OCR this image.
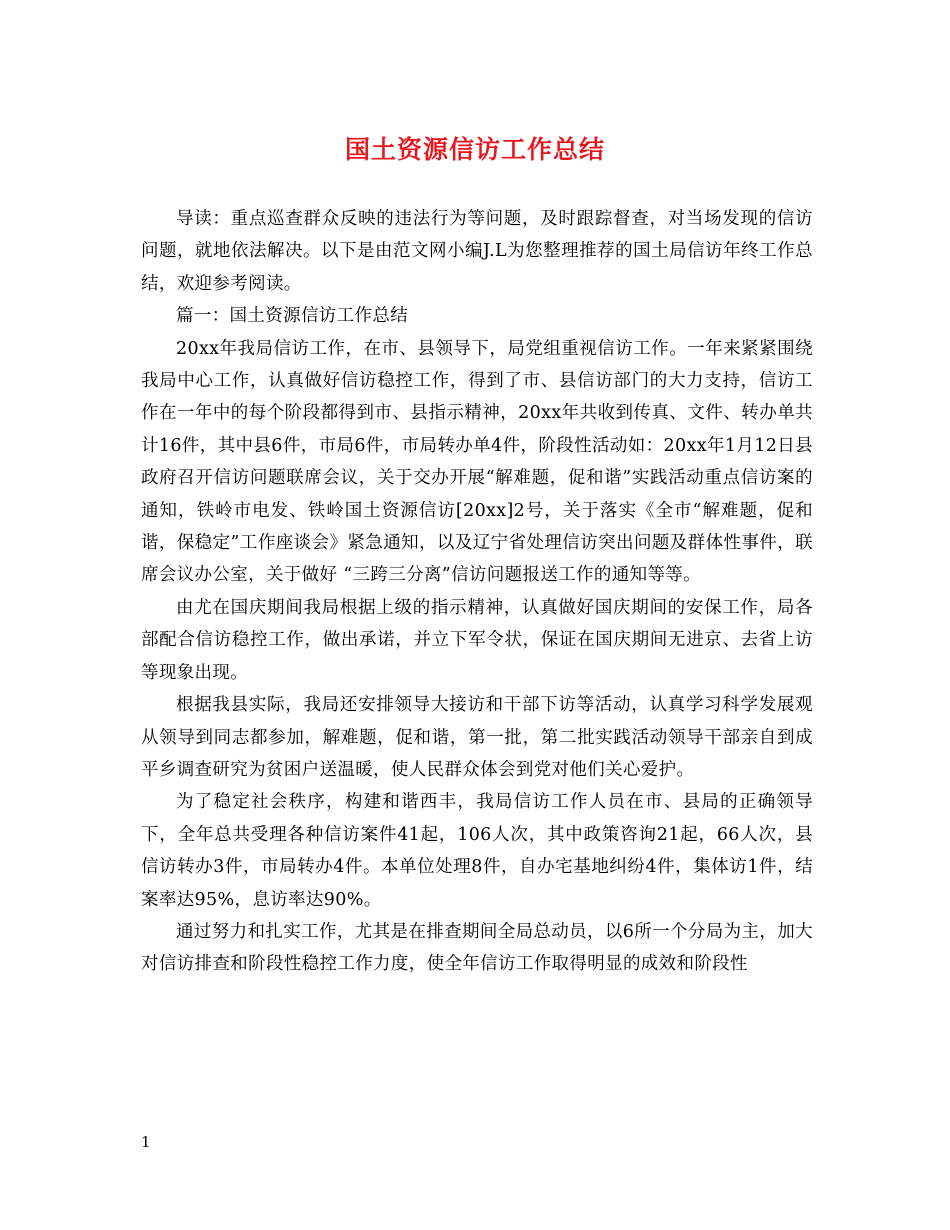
国土资源信访工作总结

导读：重点巡查群众反映的违法行为等问题，及时跟踪督查，对当场发现的信访问题，就地依法解决。以下是由范文网小编J.L为您整理推荐的国土局信访年终工作总结，欢迎参考阅读。

篇一：国土资源信访工作总结

20xx年我局信访工作，在市、县领导下，局党组重视信访工作。一年来紧紧围绕我局中心工作，认真做好信访稳控工作，得到了市、县信访部门的大力支持，信访工作在一年中的每个阶段都得到市、县指示精神，20xx年共收到传真、文件、转办单共计16件，其中县6件，市局6件，市局转办单4件，阶段性活动如：20xx年1月12日县政府召开信访问题联席会议，关于交办开展“解难题，促和谐”实践活动重点信访案的通知，铁岭市电发、铁岭国土资源信访[20xx]2号，关于落实《全市“解难题，促和谐，保稳定”工作座谈会》紧急通知，以及辽宁省处理信访突出问题及群体性事件，联席会议办公室，关于做好 “三跨三分离”信访问题报送工作的通知等等。

由尤在国庆期间我局根据上级的指示精神，认真做好国庆期间的安保工作，局各部配合信访稳控工作，做出承诺，并立下军令状，保证在国庆期间无进京、去省上访等现象出现。

根据我县实际，我局还安排领导大接访和干部下访等活动，认真学习科学发展观从领导到同志都参加，解难题，促和谐，第一批，第二批实践活动领导干部亲自到成平乡调查研究为贫困户送温暖，使人民群众体会到党对他们关心爱护。

为了稳定社会秩序，构建和谐西丰，我局信访工作人员在市、县局的正确领导下，全年总共受理各种信访案件41起，106人次，其中政策咨询21起，66人次，县信访转办3件，市局转办4件。本单位处理8件，自办宅基地纠纷4件，集体访1件，结案率达95%，息访率达90%。

通过努力和扎实工作，尤其是在排查期间全局总动员，以6所一个分局为主，加大对信访排查和阶段性稳控工作力度，使全年信访工作取得明显的成效和阶段性

1
